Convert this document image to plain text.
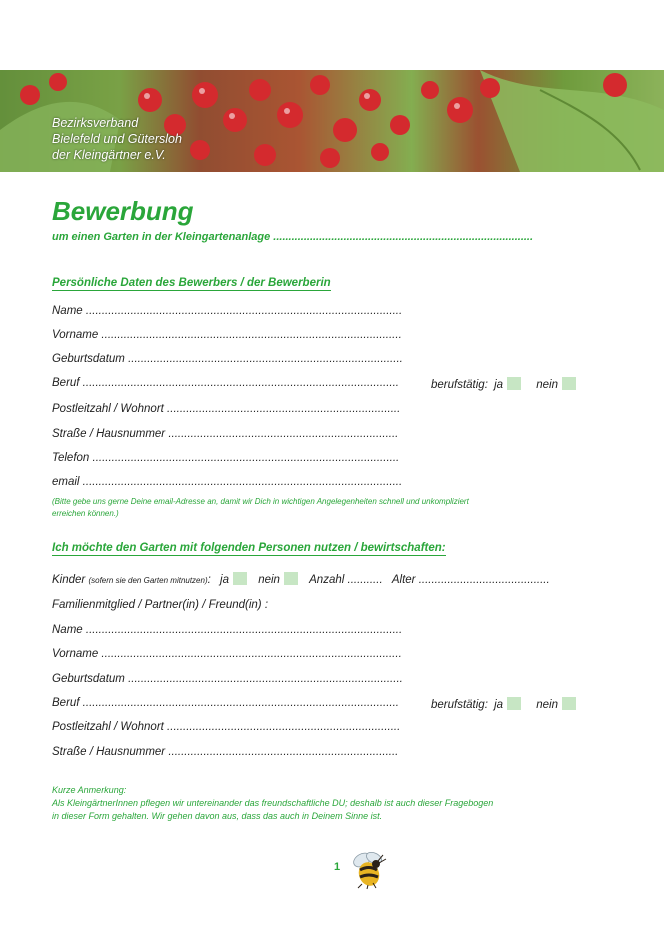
Bezirksverband
Bielefeld und Gütersloh
der Kleingärtner e.V.
Bewerbung
um einen Garten in der Kleingartenanlage .....................................................................................
Persönliche Daten des Bewerbers / der Bewerberin
Name ...................................................................................................
Vorname ..............................................................................................
Geburtsdatum ......................................................................................
Beruf ...................................................................................................	berufstätig: ja	nein
Postleitzahl / Wohnort .........................................................................
Straße / Hausnummer ........................................................................
Telefon ................................................................................................
email ....................................................................................................
(Bitte gebe uns gerne Deine email-Adresse an, damit wir Dich in wichtigen Angelegenheiten schnell und unkompliziert
erreichen können.)
Ich möchte den Garten mit folgenden Personen nutzen / bewirtschaften:
Kinder (sofern sie den Garten mitnutzen): ja	nein	Anzahl ........... Alter .........................................
Familienmitglied / Partner(in) / Freund(in) :
Name ...................................................................................................
Vorname ..............................................................................................
Geburtsdatum ......................................................................................
Beruf ...................................................................................................	berufstätig: ja	nein
Postleitzahl / Wohnort .........................................................................
Straße / Hausnummer ........................................................................
Kurze Anmerkung:
Als KleingärtnerInnen pflegen wir untereinander das freundschaftliche DU; deshalb ist auch dieser Fragebogen
in dieser Form gehalten. Wir gehen davon aus, dass das auch in Deinem Sinne ist.
1
